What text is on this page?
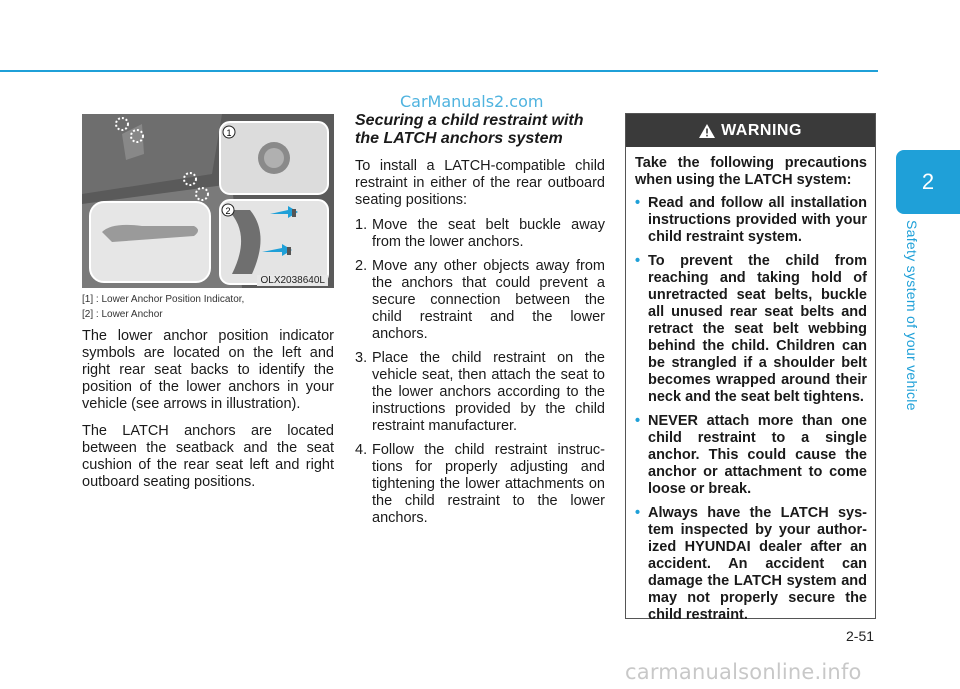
CarManuals2.com
1
2
OLX2038640L
[1] : Lower Anchor Position Indicator,
[2] : Lower Anchor

The lower anchor position indicator symbols are located on the left and right rear seat backs to identify the position of the lower anchors in your vehicle (see arrows in illustration).

The LATCH anchors are located between the seatback and the seat cushion of the rear seat left and right outboard seating positions.

Securing a child restraint with the LATCH anchors system

To install a LATCH-compatible child restraint in either of the rear outboard seating positions:

1. Move the seat belt buckle away from the lower anchors.
2. Move any other objects away from the anchors that could prevent a secure connection between the child restraint and the lower anchors.
3. Place the child restraint on the vehicle seat, then attach the seat to the lower anchors according to the instructions provided by the child restraint manufacturer.
4. Follow the child restraint instruc-tions for properly adjusting and tightening the lower attachments on the child restraint to the lower anchors.
WARNING

Take the following precautions when using the LATCH system:

• Read and follow all installation instructions provided with your child restraint system.
• To prevent the child from reaching and taking hold of unretracted seat belts, buckle all unused rear seat belts and retract the seat belt webbing behind the child. Children can be strangled if a shoulder belt becomes wrapped around their neck and the seat belt tightens.
• NEVER attach more than one child restraint to a single anchor. This could cause the anchor or attachment to come loose or break.
• Always have the LATCH sys-tem inspected by your author-ized HYUNDAI dealer after an accident. An accident can damage the LATCH system and may not properly secure the child restraint.
2
Safety system of your vehicle
2-51
carmanualsonline.info
